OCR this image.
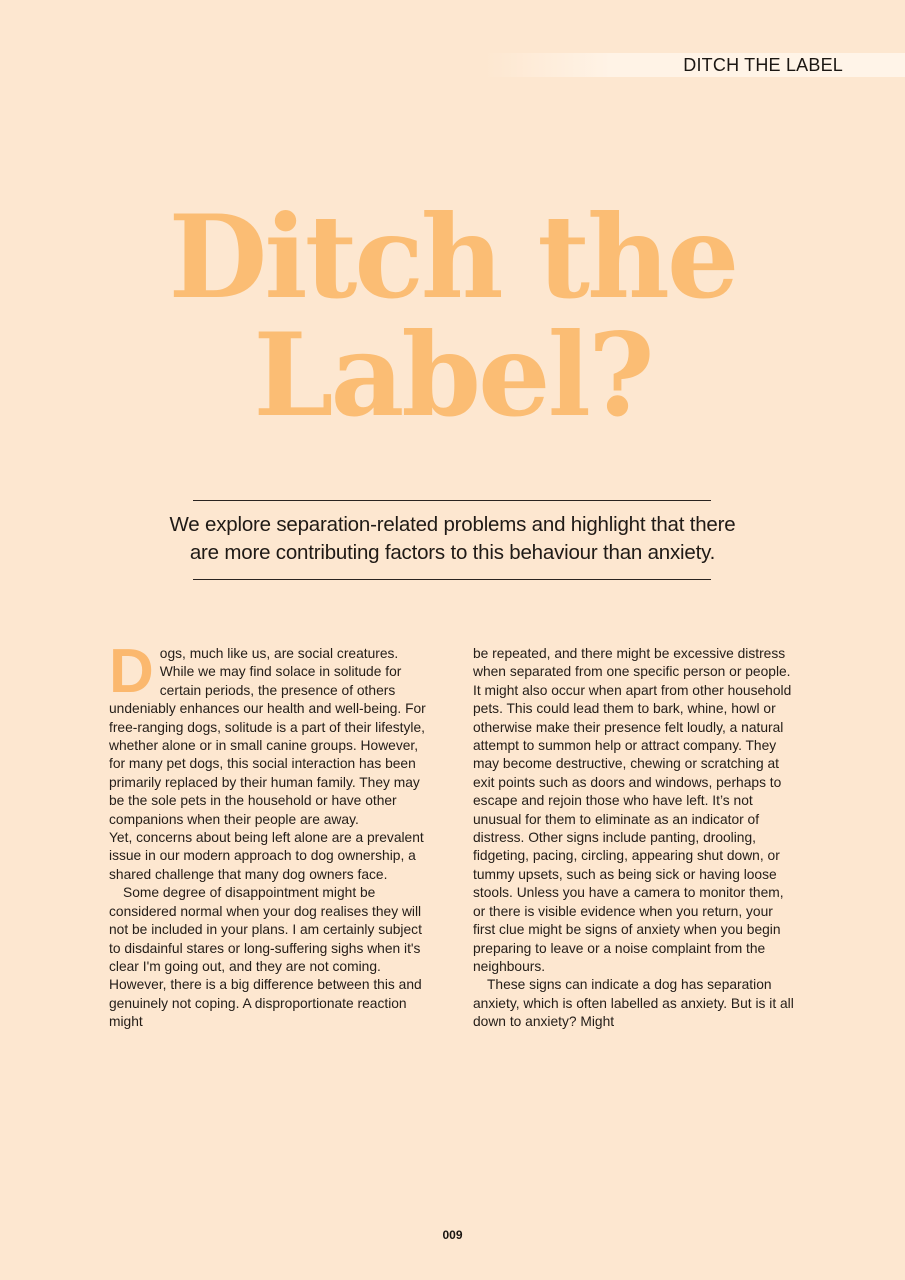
DITCH THE LABEL
Ditch the
Label?
We explore separation-related problems and highlight that there
are more contributing factors to this behaviour than anxiety.

Dogs, much like us, are social creatures. While we may find solace in solitude for certain periods, the presence of others undeniably enhances our health and well-being. For free-ranging dogs, solitude is a part of their lifestyle, whether alone or in small canine groups. However, for many pet dogs, this social interaction has been primarily replaced by their human family. They may be the sole pets in the household or have other companions when their people are away.

Yet, concerns about being left alone are a prevalent issue in our modern approach to dog ownership, a shared challenge that many dog owners face.

Some degree of disappointment might be considered normal when your dog realises they will not be included in your plans. I am certainly subject to disdainful stares or long-suffering sighs when it's clear I'm going out, and they are not coming. However, there is a big difference between this and genuinely not coping. A disproportionate reaction might

be repeated, and there might be excessive distress when separated from one specific person or people. It might also occur when apart from other household pets. This could lead them to bark, whine, howl or otherwise make their presence felt loudly, a natural attempt to summon help or attract company. They may become destructive, chewing or scratching at exit points such as doors and windows, perhaps to escape and rejoin those who have left. It’s not unusual for them to eliminate as an indicator of distress. Other signs include panting, drooling, fidgeting, pacing, circling, appearing shut down, or tummy upsets, such as being sick or having loose stools. Unless you have a camera to monitor them, or there is visible evidence when you return, your first clue might be signs of anxiety when you begin preparing to leave or a noise complaint from the neighbours.

These signs can indicate a dog has separation anxiety, which is often labelled as anxiety. But is it all down to anxiety? Might

009
